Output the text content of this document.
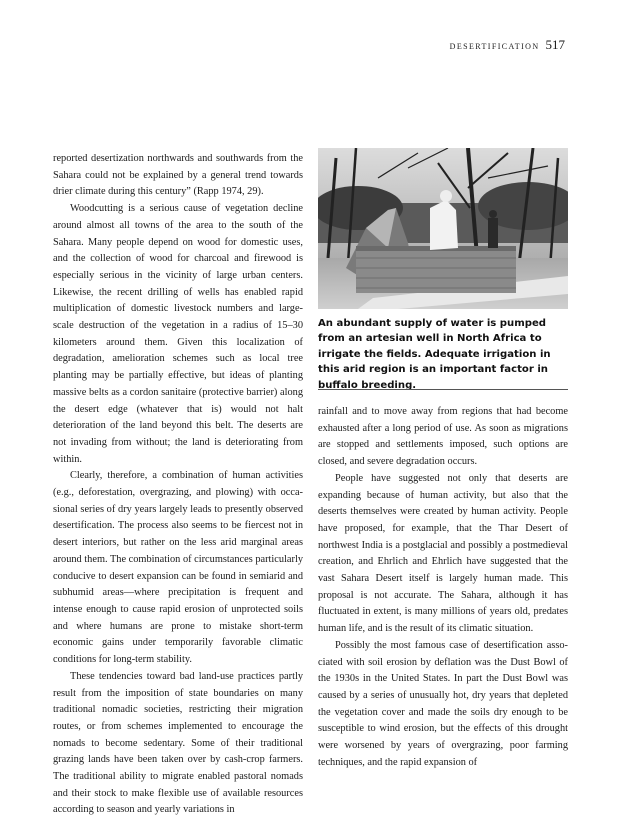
desertification 517

reported desertization northwards and southwards from the Sahara could not be explained by a general trend towards drier climate during this century” (Rapp 1974, 29).

Woodcutting is a serious cause of vegetation decline around almost all towns of the area to the south of the Sahara. Many people depend on wood for domestic uses, and the collection of wood for charcoal and firewood is especially serious in the vicinity of large urban centers. Likewise, the recent drilling of wells has enabled rapid multiplication of domestic livestock numbers and large-scale destruction of the vegetation in a radius of 15–30 kilometers around them. Given this localization of degradation, amelioration schemes such as local tree planting may be partially effective, but ideas of planting massive belts as a cordon sanitaire (protective barrier) along the desert edge (whatever that is) would not halt deterioration of the land beyond this belt. The deserts are not invading from without; the land is deteriorating from within.

Clearly, therefore, a combination of human activities (e.g., deforestation, overgrazing, and plowing) with occasional series of dry years largely leads to presently observed desertification. The process also seems to be fiercest not in desert interiors, but rather on the less arid marginal areas around them. The combination of circumstances particularly conducive to desert expansion can be found in semiarid and subhumid areas—where precipitation is frequent and intense enough to cause rapid erosion of unprotected soils and where humans are prone to mistake short-term economic gains under temporarily favorable climatic conditions for long-term stability.

These tendencies toward bad land-use practices partly result from the imposition of state boundaries on many traditional nomadic societies, restricting their migration routes, or from schemes implemented to encourage the nomads to become sedentary. Some of their traditional grazing lands have been taken over by cash-crop farmers. The traditional ability to migrate enabled pastoral nomads and their stock to make flexible use of available resources according to season and yearly variations in

An abundant supply of water is pumped from an artesian well in North Africa to irrigate the fields. Adequate irrigation in this arid region is an important factor in buffalo breeding.

rainfall and to move away from regions that had become exhausted after a long period of use. As soon as migrations are stopped and settlements imposed, such options are closed, and severe degradation occurs.

People have suggested not only that deserts are expanding because of human activity, but also that the deserts themselves were created by human activity. People have proposed, for example, that the Thar Desert of northwest India is a postglacial and possibly a postmedieval creation, and Ehrlich and Ehrlich have suggested that the vast Sahara Desert itself is largely human made. This proposal is not accurate. The Sahara, although it has fluctuated in extent, is many millions of years old, predates human life, and is the result of its climatic situation.

Possibly the most famous case of desertification associated with soil erosion by deflation was the Dust Bowl of the 1930s in the United States. In part the Dust Bowl was caused by a series of unusually hot, dry years that depleted the vegetation cover and made the soils dry enough to be susceptible to wind erosion, but the effects of this drought were worsened by years of overgrazing, poor farming techniques, and the rapid expansion of
